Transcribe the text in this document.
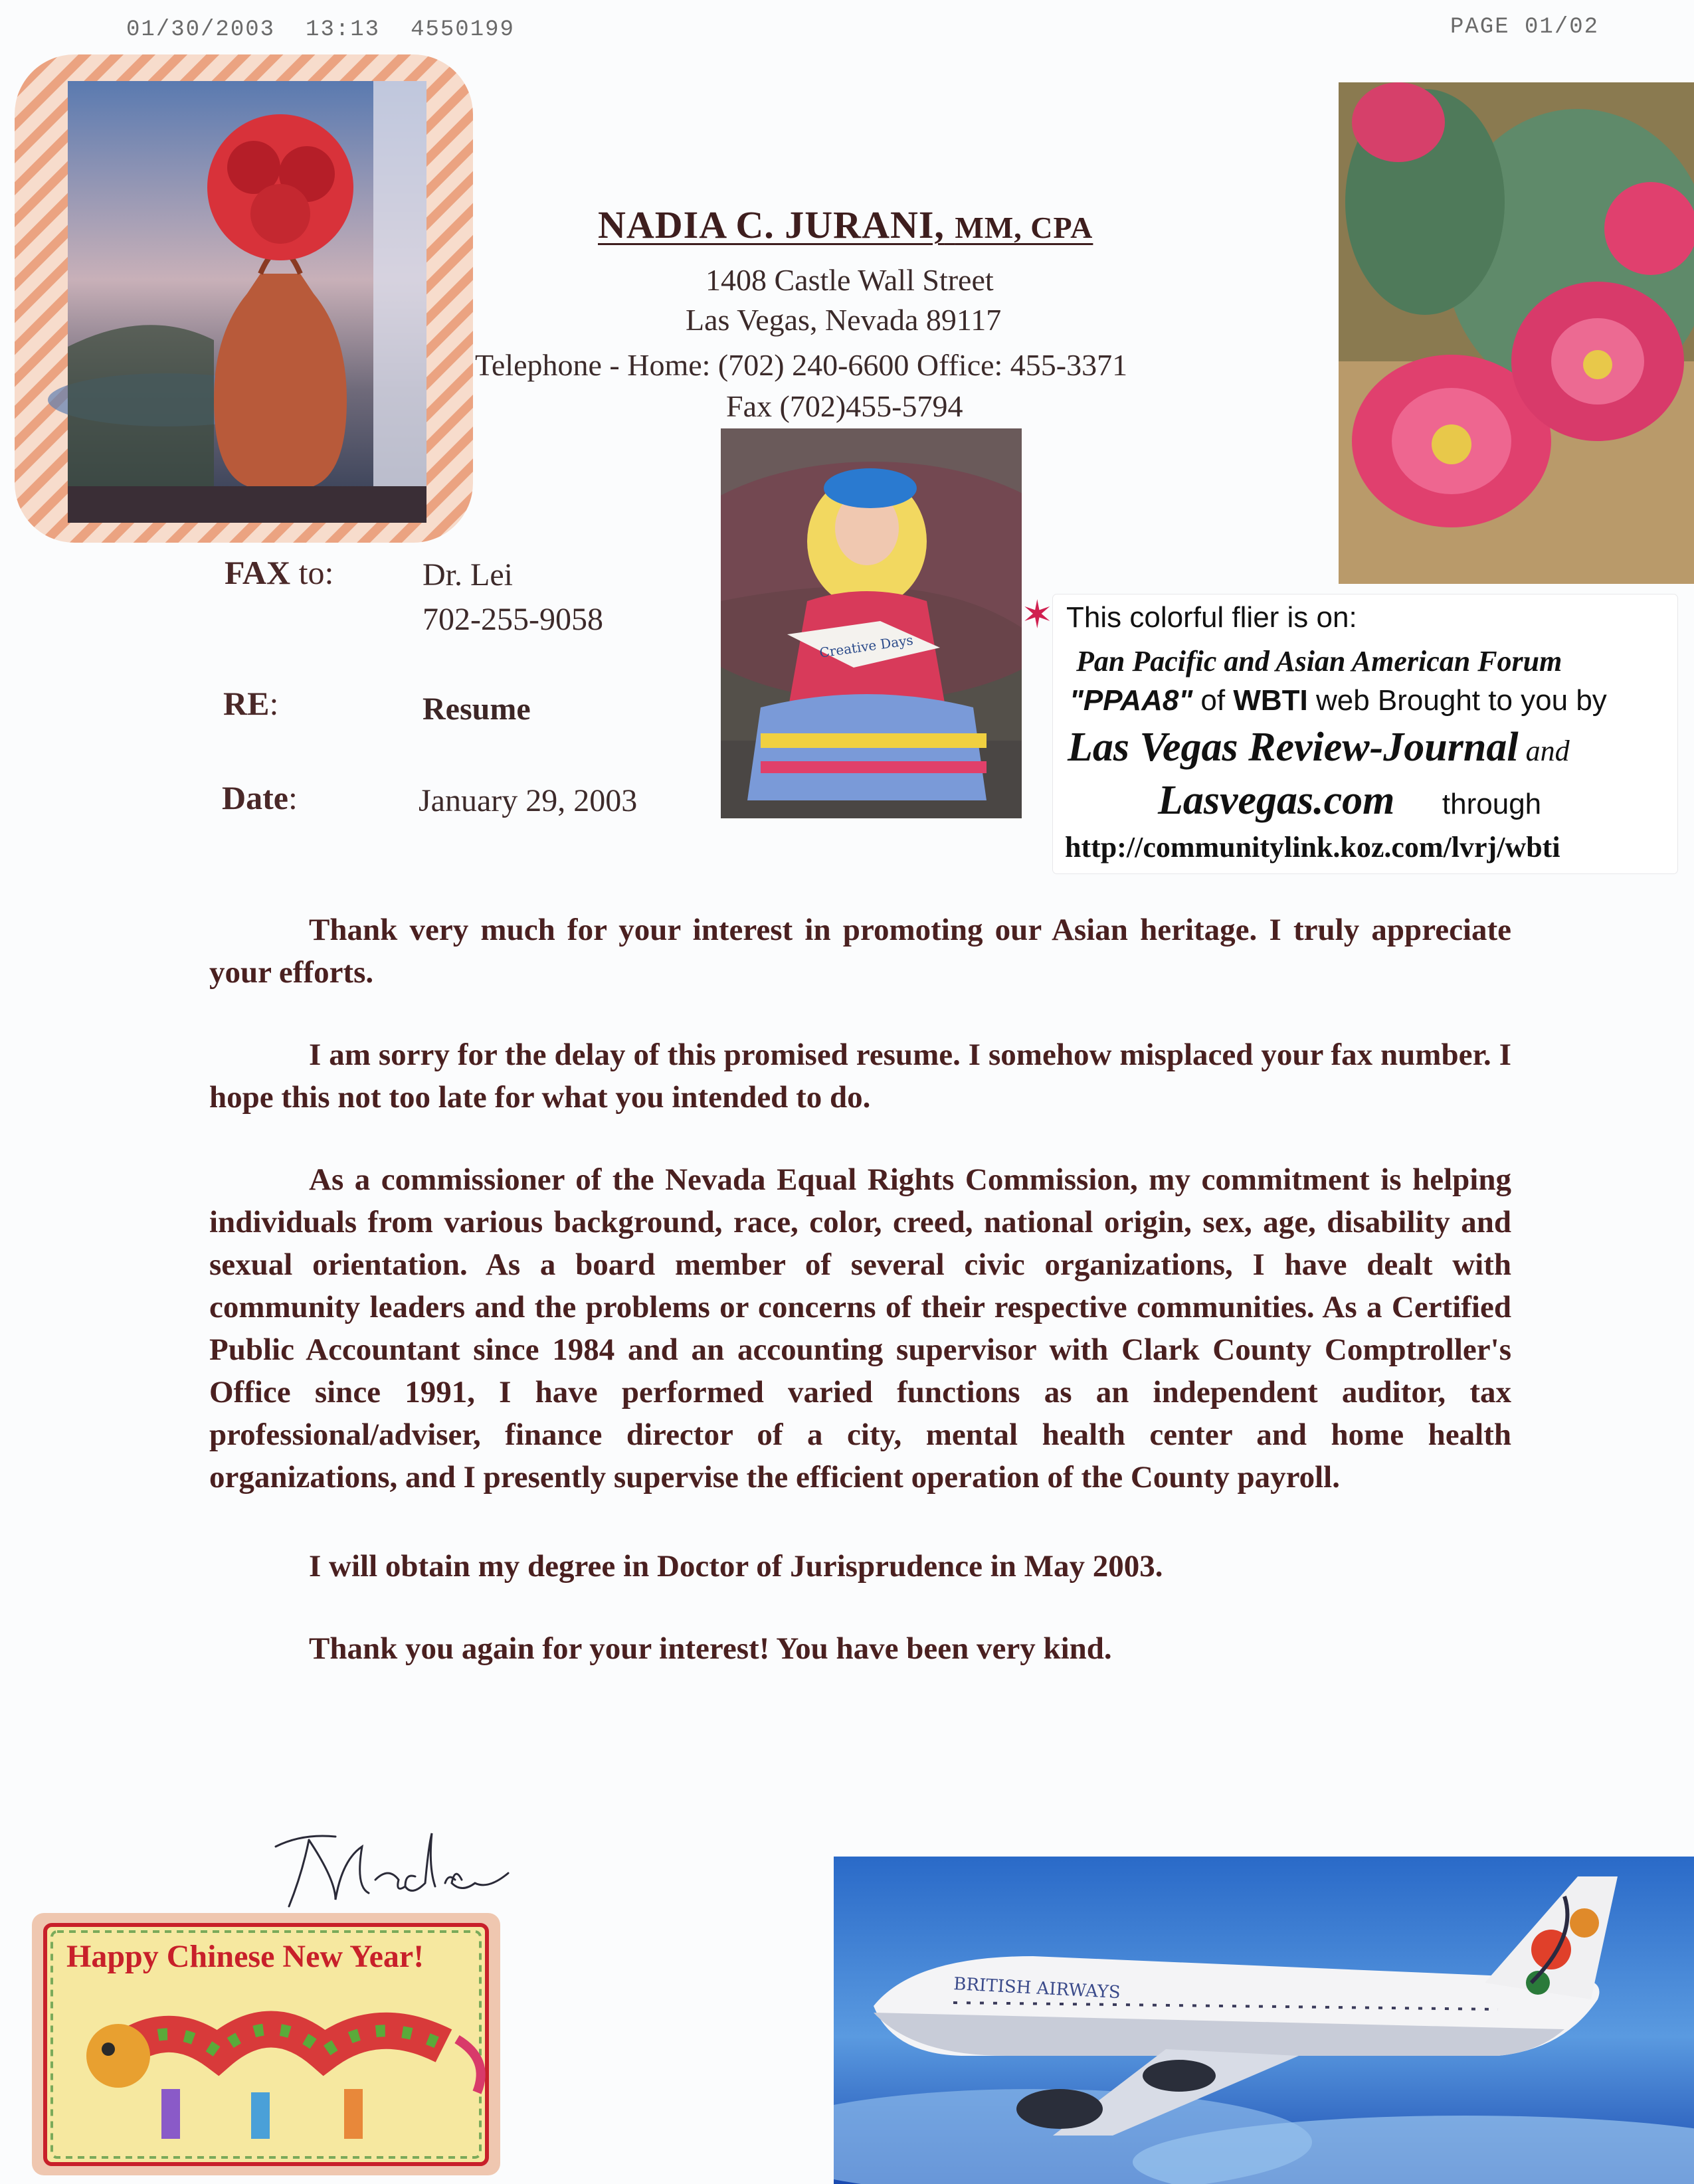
01/30/2003 13:13 4550199	PAGE 01/02
NADIA C. JURANI, MM, CPA
1408 Castle Wall Street
Las Vegas, Nevada 89117
Telephone - Home: (702) 240-6600 Office: 455-3371
Fax (702)455-5794
Creative Days
FAX to:	Dr. Lei
702-255-9058
RE:	Resume
Date:	January 29, 2003
✶ This colorful flier is on:
Pan Pacific and Asian American Forum
"PPAA8" of WBTI web Brought to you by
Las Vegas Review-Journal and
Lasvegas.com through
http://communitylink.koz.com/lvrj/wbti

Thank very much for your interest in promoting our Asian heritage. I truly appreciate your efforts.

I am sorry for the delay of this promised resume. I somehow misplaced your fax number. I hope this not too late for what you intended to do.

As a commissioner of the Nevada Equal Rights Commission, my commitment is helping individuals from various background, race, color, creed, national origin, sex, age, disability and sexual orientation. As a board member of several civic organizations, I have dealt with community leaders and the problems or concerns of their respective communities. As a Certified Public Accountant since 1984 and an accounting supervisor with Clark County Comptroller's Office since 1991, I have performed varied functions as an independent auditor, tax professional/adviser, finance director of a city, mental health center and home health organizations, and I presently supervise the efficient operation of the County payroll.

I will obtain my degree in Doctor of Jurisprudence in May 2003.

Thank you again for your interest! You have been very kind.

Happy Chinese New Year!
BRITISH AIRWAYS
